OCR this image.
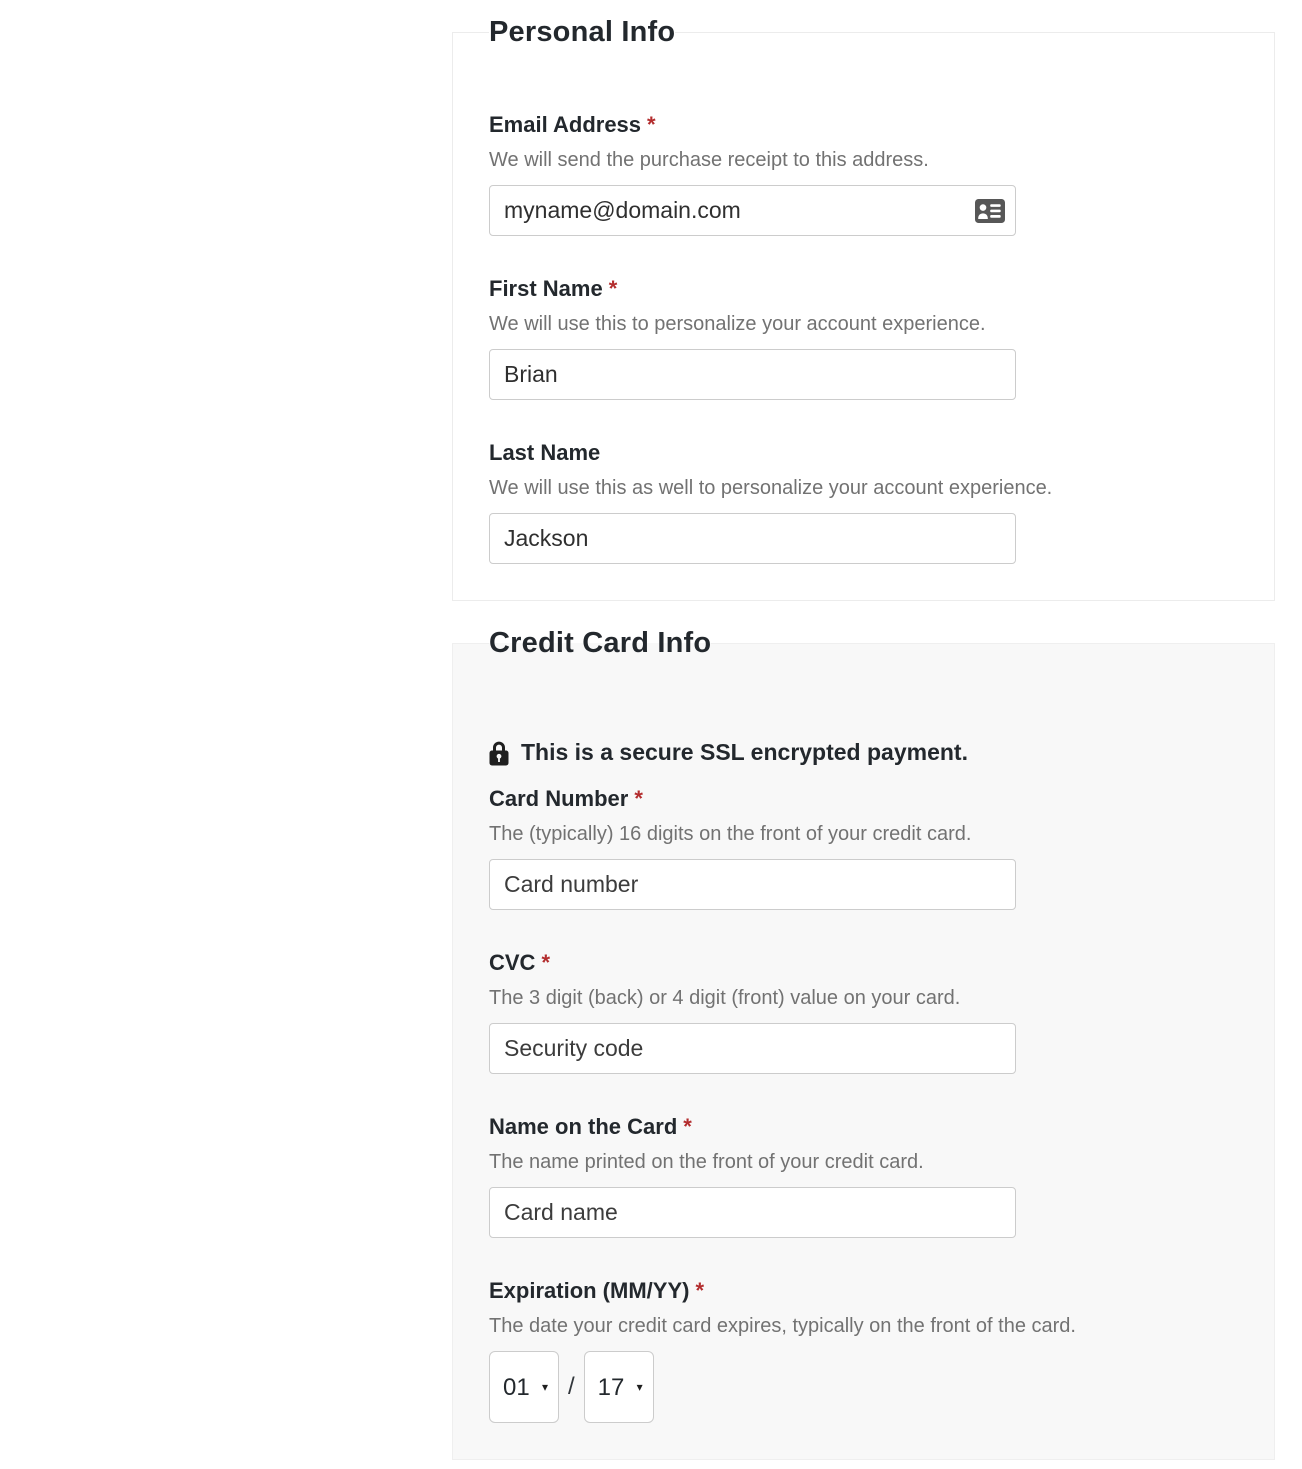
Personal Info
Email Address *

We will send the purchase receipt to this address.

myname@domain.com
First Name *

We will use this to personalize your account experience.

Brian
Last Name

We will use this as well to personalize your account experience.

Jackson
Credit Card Info
This is a secure SSL encrypted payment.
Card Number *

The (typically) 16 digits on the front of your credit card.

Card number
CVC *

The 3 digit (back) or 4 digit (front) value on your card.

Security code
Name on the Card *

The name printed on the front of your credit card.

Card name
Expiration (MM/YY) *

The date your credit card expires, typically on the front of the card.

01
▾ /
17	▾
